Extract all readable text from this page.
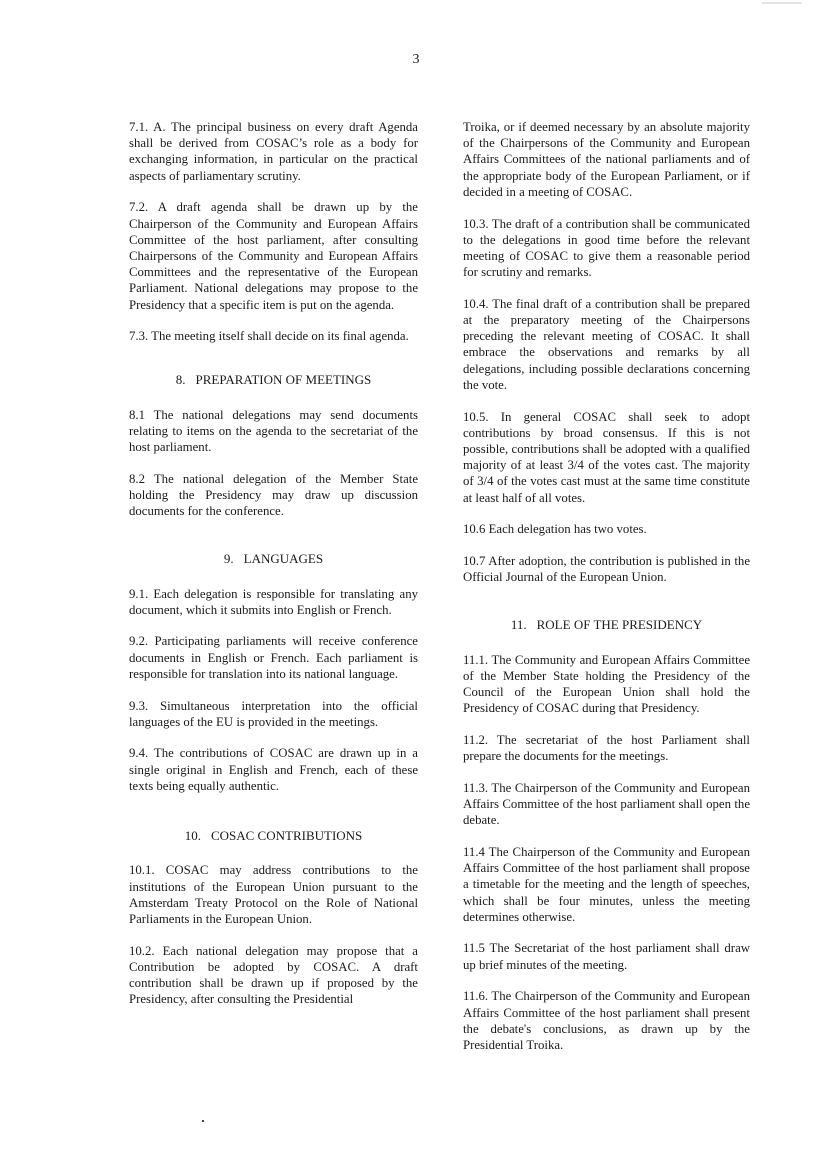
3

7.1. A. The principal business on every draft Agenda shall be derived from COSAC’s role as a body for exchanging information, in particular on the practical aspects of parliamentary scrutiny.

7.2. A draft agenda shall be drawn up by the Chairperson of the Community and European Affairs Committee of the host parliament, after consulting Chairpersons of the Community and European Affairs Committees and the representative of the European Parliament. National delegations may propose to the Presidency that a specific item is put on the agenda.

7.3. The meeting itself shall decide on its final agenda.

8. PREPARATION OF MEETINGS

8.1 The national delegations may send documents relating to items on the agenda to the secretariat of the host parliament.

8.2 The national delegation of the Member State holding the Presidency may draw up discussion documents for the conference.

9. LANGUAGES

9.1. Each delegation is responsible for translating any document, which it submits into English or French.

9.2. Participating parliaments will receive conference documents in English or French. Each parliament is responsible for translation into its national language.

9.3. Simultaneous interpretation into the official languages of the EU is provided in the meetings.

9.4. The contributions of COSAC are drawn up in a single original in English and French, each of these texts being equally authentic.

10. COSAC CONTRIBUTIONS

10.1. COSAC may address contributions to the institutions of the European Union pursuant to the Amsterdam Treaty Protocol on the Role of National Parliaments in the European Union.

10.2. Each national delegation may propose that a Contribution be adopted by COSAC. A draft contribution shall be drawn up if proposed by the Presidency, after consulting the Presidential

Troika, or if deemed necessary by an absolute majority of the Chairpersons of the Community and European Affairs Committees of the national parliaments and of the appropriate body of the European Parliament, or if decided in a meeting of COSAC.

10.3. The draft of a contribution shall be communicated to the delegations in good time before the relevant meeting of COSAC to give them a reasonable period for scrutiny and remarks.

10.4. The final draft of a contribution shall be prepared at the preparatory meeting of the Chairpersons preceding the relevant meeting of COSAC. It shall embrace the observations and remarks by all delegations, including possible declarations concerning the vote.

10.5. In general COSAC shall seek to adopt contributions by broad consensus. If this is not possible, contributions shall be adopted with a qualified majority of at least 3/4 of the votes cast. The majority of 3/4 of the votes cast must at the same time constitute at least half of all votes.

10.6 Each delegation has two votes.

10.7 After adoption, the contribution is published in the Official Journal of the European Union.

11. ROLE OF THE PRESIDENCY

11.1. The Community and European Affairs Committee of the Member State holding the Presidency of the Council of the European Union shall hold the Presidency of COSAC during that Presidency.

11.2. The secretariat of the host Parliament shall prepare the documents for the meetings.

11.3. The Chairperson of the Community and European Affairs Committee of the host parliament shall open the debate.

11.4 The Chairperson of the Community and European Affairs Committee of the host parliament shall propose a timetable for the meeting and the length of speeches, which shall be four minutes, unless the meeting determines otherwise.

11.5 The Secretariat of the host parliament shall draw up brief minutes of the meeting.

11.6. The Chairperson of the Community and European Affairs Committee of the host parliament shall present the debate's conclusions, as drawn up by the Presidential Troika.
